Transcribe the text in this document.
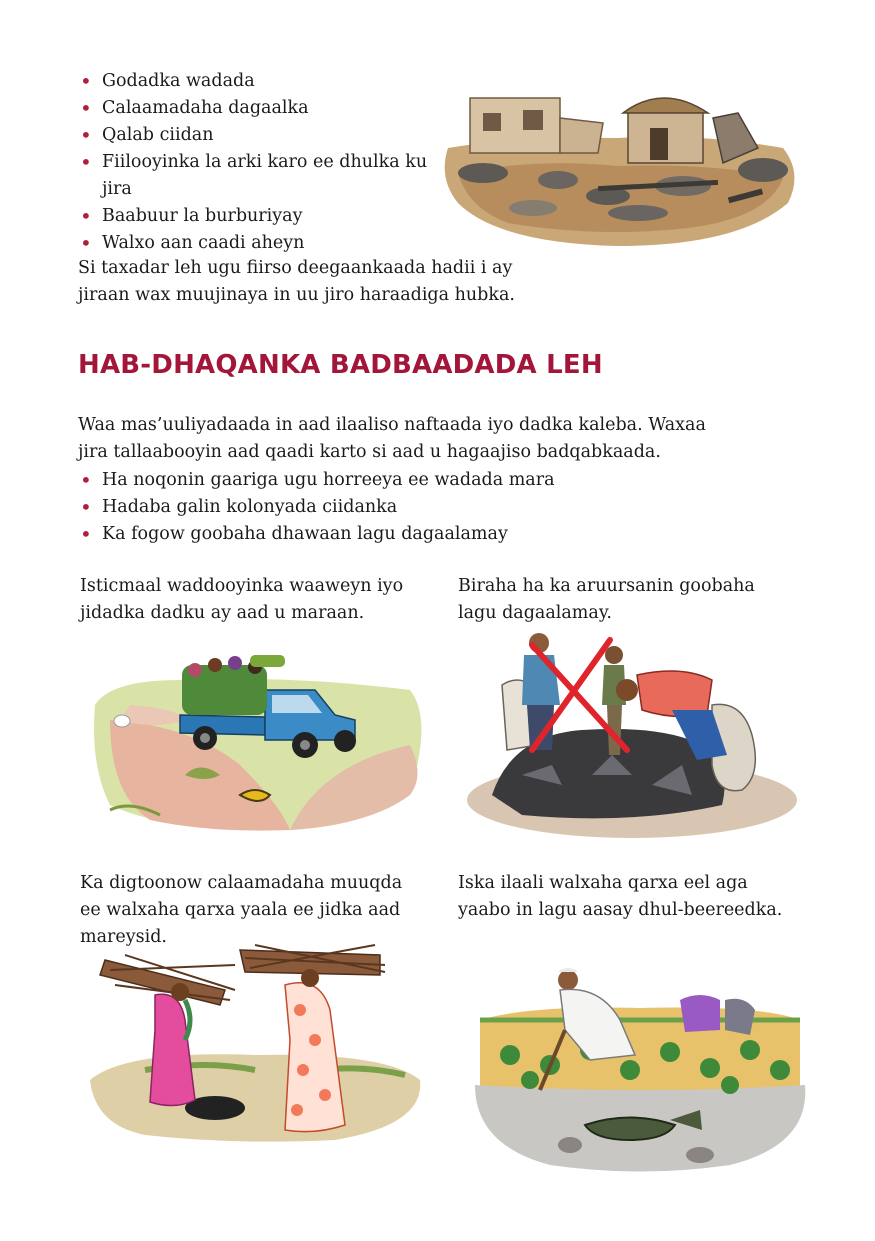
• Godadka wadada
• Calaamadaha dagaalka
• Qalab ciidan
• Fiilooyinka la arki karo ee dhulka ku jira
• Baabuur la burburiyay
• Walxo aan caadi aheyn

Si taxadar leh ugu fiirso deegaankaada hadii i ay jiraan wax muujinaya in uu jiro haraadiga hubka.

HAB-DHAQANKA BADBAADADA LEH

Waa mas’uuliyadaada in aad ilaaliso naftaada iyo dadka kaleba. Waxaa jira tallaabooyin aad qaadi karto si aad u hagaajiso badqabkaada.

• Ha noqonin gaariga ugu horreeya ee wadada mara
• Hadaba galin kolonyada ciidanka
• Ka fogow goobaha dhawaan lagu dagaalamay

Isticmaal waddooyinka waaweyn iyo jidadka dadku ay aad u maraan.

Biraha ha ka aruursanin goobaha lagu dagaalamay.

Ka digtoonow calaamadaha muuqda ee walxaha qarxa yaala ee jidka aad mareysid.

Iska ilaali walxaha qarxa eel aga yaabo in lagu aasay dhul-beereedka.
